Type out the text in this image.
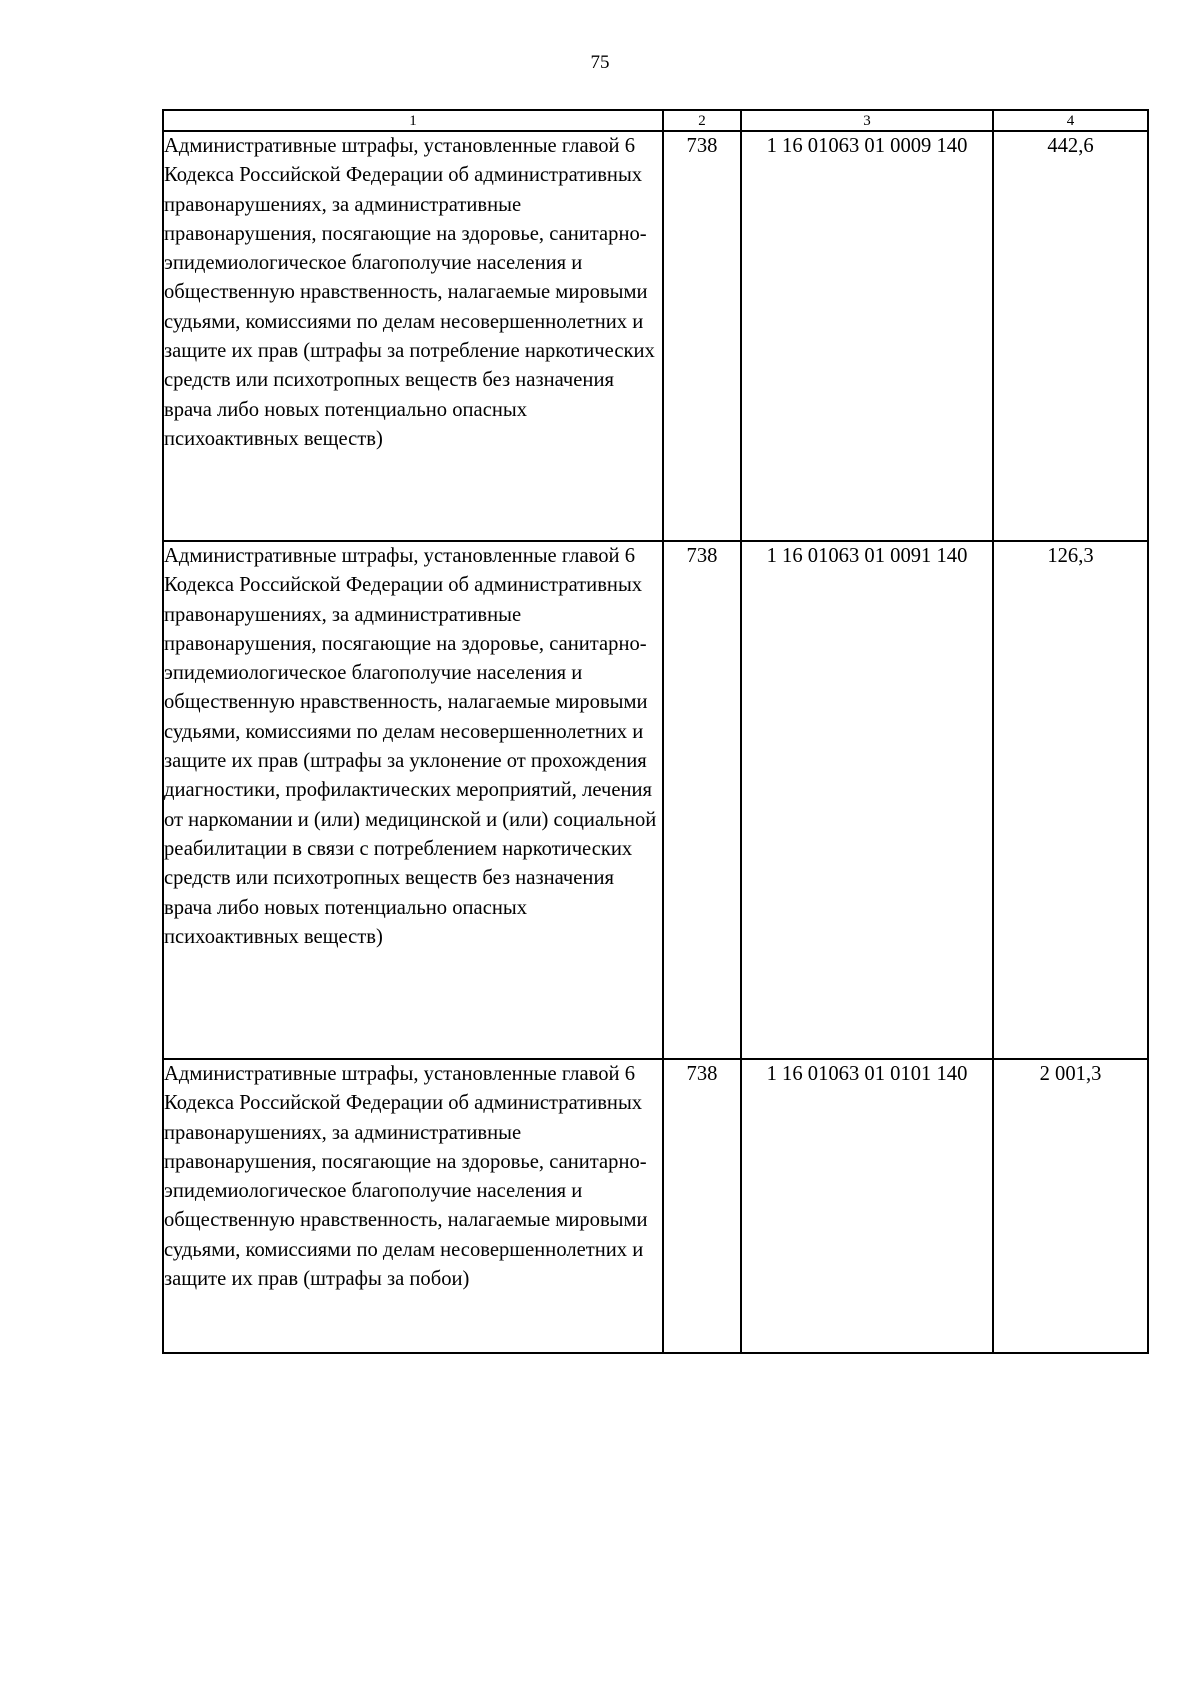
75
1	2	3	4
Административные штрафы, установленные главой 6 Кодекса Российской Федерации об административных правонарушениях, за административные правонарушения, посягающие на здоровье, санитарно-эпидемиологическое благополучие населения и общественную нравственность, налагаемые мировыми судьями, комиссиями по делам несовершеннолетних и защите их прав (штрафы за потребление наркотических средств или психотропных веществ без назначения врача либо новых потенциально опасных психоактивных веществ)	738	1 16 01063 01 0009 140	442,6
Административные штрафы, установленные главой 6 Кодекса Российской Федерации об административных правонарушениях, за административные правонарушения, посягающие на здоровье, санитарно-эпидемиологическое благополучие населения и общественную нравственность, налагаемые мировыми судьями, комиссиями по делам несовершеннолетних и защите их прав (штрафы за уклонение от прохождения диагностики, профилактических мероприятий, лечения от наркомании и (или) медицинской и (или) социальной реабилитации в связи с потреблением наркотических средств или психотропных веществ без назначения врача либо новых потенциально опасных психоактивных веществ)	738	1 16 01063 01 0091 140	126,3
Административные штрафы, установленные главой 6 Кодекса Российской Федерации об административных правонарушениях, за административные правонарушения, посягающие на здоровье, санитарно-эпидемиологическое благополучие населения и общественную нравственность, налагаемые мировыми судьями, комиссиями по делам несовершеннолетних и защите их прав (штрафы за побои)	738	1 16 01063 01 0101 140	2 001,3
